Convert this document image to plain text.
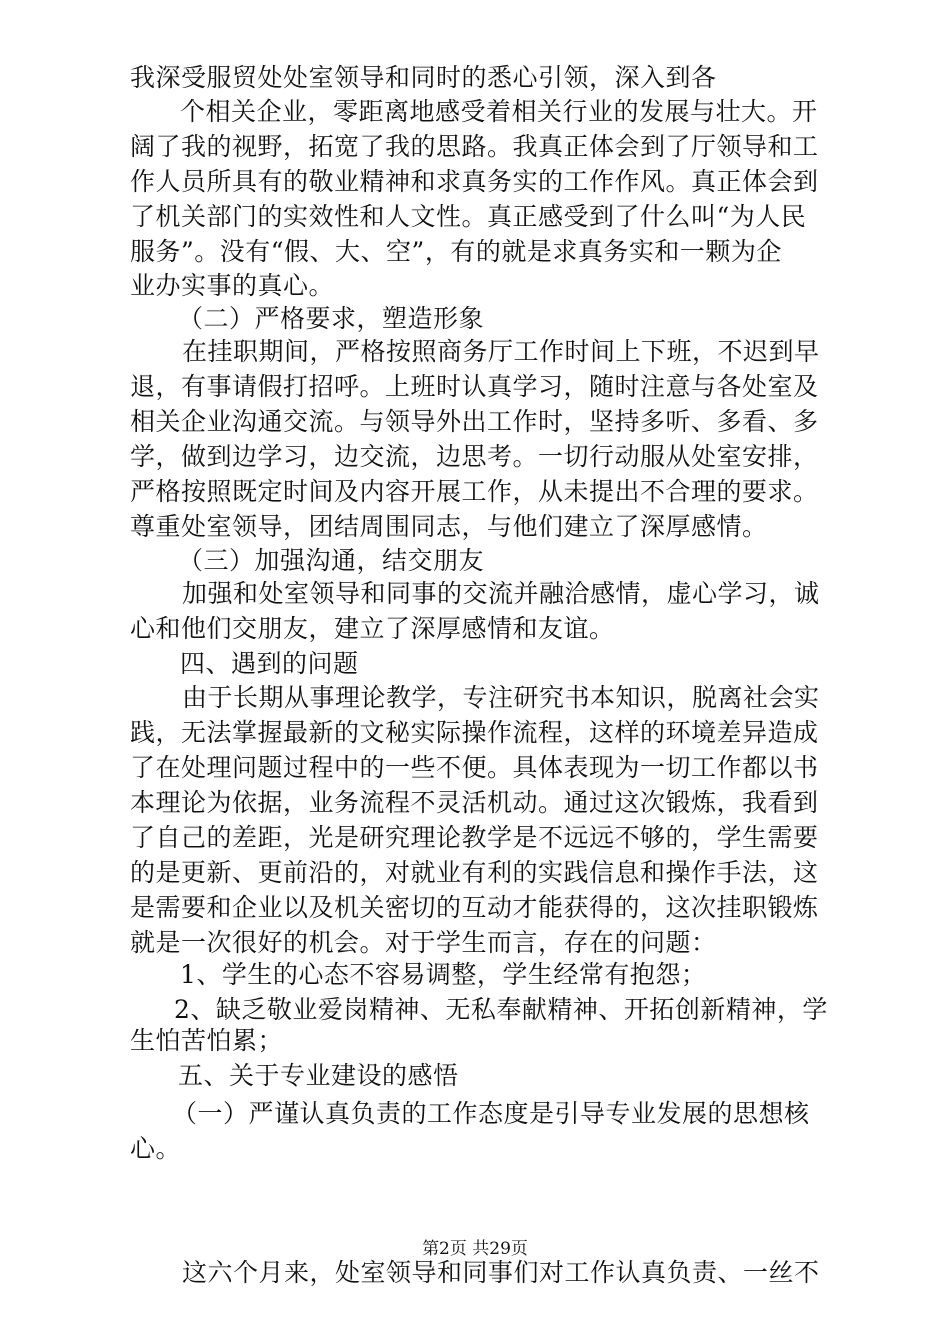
我深受服贸处处室领导和同时的悉心引领，深入到各
个相关企业，零距离地感受着相关行业的发展与壮大。开
阔了我的视野，拓宽了我的思路。我真正体会到了厅领导和工
作人员所具有的敬业精神和求真务实的工作作风。真正体会到
了机关部门的实效性和人文性。真正感受到了什么叫“为人民
服务”。没有“假、大、空”，有的就是求真务实和一颗为企
业办实事的真心。
（二）严格要求，塑造形象
在挂职期间，严格按照商务厅工作时间上下班，不迟到早
退，有事请假打招呼。上班时认真学习，随时注意与各处室及
相关企业沟通交流。与领导外出工作时，坚持多听、多看、多
学，做到边学习，边交流，边思考。一切行动服从处室安排，
严格按照既定时间及内容开展工作，从未提出不合理的要求。
尊重处室领导，团结周围同志，与他们建立了深厚感情。
（三）加强沟通，结交朋友
加强和处室领导和同事的交流并融洽感情，虚心学习，诚
心和他们交朋友，建立了深厚感情和友谊。
四、遇到的问题
由于长期从事理论教学，专注研究书本知识，脱离社会实
践，无法掌握最新的文秘实际操作流程，这样的环境差异造成
了在处理问题过程中的一些不便。具体表现为一切工作都以书
本理论为依据，业务流程不灵活机动。通过这次锻炼，我看到
了自己的差距，光是研究理论教学是不远远不够的，学生需要
的是更新、更前沿的，对就业有利的实践信息和操作手法，这
是需要和企业以及机关密切的互动才能获得的，这次挂职锻炼
就是一次很好的机会。对于学生而言，存在的问题：
1、学生的心态不容易调整，学生经常有抱怨；
2、缺乏敬业爱岗精神、无私奉献精神、开拓创新精神，学
生怕苦怕累；
五、关于专业建设的感悟
（一）严谨认真负责的工作态度是引导专业发展的思想核
心。
这六个月来，处室领导和同事们对工作认真负责、一丝不
第2页 共29页
